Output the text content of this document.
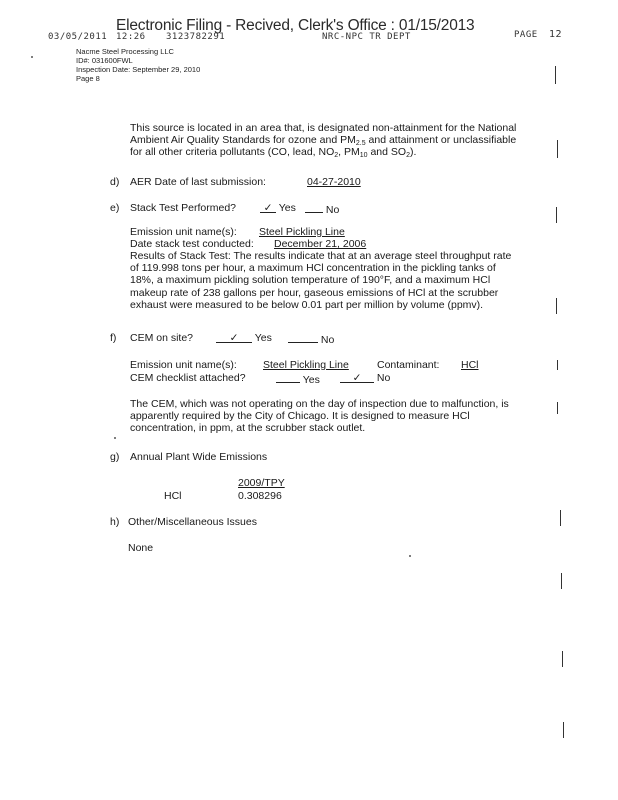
Electronic Filing - Recived, Clerk's Office : 01/15/2013
03/05/2011 12:26 3123782291	NRC-NPC TR DEPT	PAGE 12
Nacme Steel Processing LLC
ID#: 031600FWL
Inspection Date: September 29, 2010
Page 8
This source is located in an area that, is designated non-attainment for the National
Ambient Air Quality Standards for ozone and $PM_{2.5}$ and attainment or unclassifiable
for all other criteria pollutants (CO, lead, $NO_2$, $PM_{10}$ and $SO_2$).
d) AER Date of last submission:	04-27-2010
e) Stack Test Performed?	✓ Yes	No
Emission unit name(s): Steel Pickling Line
Date stack test conducted: December 21, 2006
Results of Stack Test: The results indicate that at an average steel throughput rate
of 119.998 tons per hour, a maximum HCl concentration in the pickling tanks of
18%, a maximum pickling solution temperature of 190°F, and a maximum HCl
makeup rate of 238 gallons per hour, gaseous emissions of HCl at the scrubber
exhaust were measured to be below 0.01 part per million by volume (ppmv).
f) CEM on site?	✓ Yes	No
Emission unit name(s): Steel Pickling Line	Contaminant: HCl
CEM checklist attached?	Yes	✓ No
The CEM, which was not operating on the day of inspection due to malfunction, is
apparently required by the City of Chicago. It is designed to measure HCl
concentration, in ppm, at the scrubber stack outlet.
g) Annual Plant Wide Emissions
2009/TPY
HCl	0.308296
h) Other/Miscellaneous Issues
None
